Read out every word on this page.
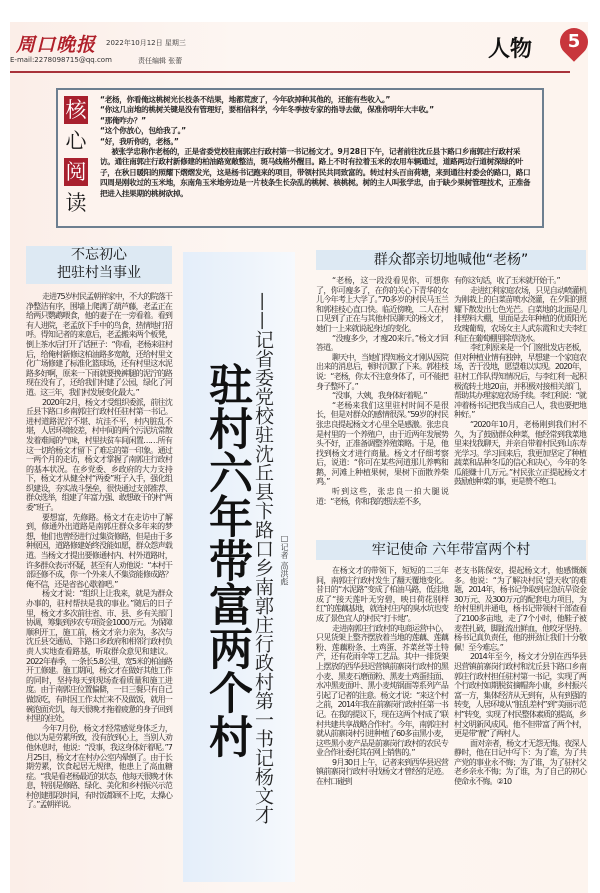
周口晚报 2022年10月12日 星期三
E-mail:2278098715@qq.com	责任编辑 张蕾	人物	5
核
心
阅
读

“老杨，你看俺这桃树光长枝条不结果，地都荒废了，今年砍掉种其他的，还能有些收入。”

“你这几亩地的桃树关键是没有管理好，要相信科学，今年冬季按专家的指导去做，保准你明年大丰收。”

“那俺咋办？”

“这个你放心，包给我了。”

“好，我听你的，老杨。”

被张学忠称作老杨的，正是省委党校驻南郭庄行政村第一书记杨文才。9月28日下午，记者前往沈丘县卞路口乡南郭庄行政村采访。通往南郭庄行政村新修建的柏油路宽敞整洁，斑马线格外醒目。路上不时有拉着玉米的农用车辆通过，道路两边行道树深绿的叶子，在秋日暖阳的照耀下熠熠发光，这是杨书记跑来的项目，带领村民共同致富的。转过村头百亩荷塘，来到通往村委会的路口，路口四周是刚收过的玉米地，东南角玉米地旁边是一片枝条生长杂乱的桃树、核桃树。树的主人叫张学忠，由于缺少果树管理技术，正准备把进入挂果期的桃树砍掉。

不忘初心
把驻村当事业

走进75岁村民孟朝祥家中，不大的院落干净整洁有序，围墙上爬满了葫芦藤，老孟正在给两只鹦鹉喂食，他的妻子在一旁看着。看到有人进院，老孟放下手中的鸟食，热情地打招呼。得知记者的来意后，老孟搬来两个板凳，倒上茶水后打开了话匣子：“你看，老杨来驻村后，给俺村新修这柏油路多宽敞，还给村里文化广场修建了标准化篮球场，还有村里这水泥路多好啊，原来一下雨就要挽裤腿的泥泞的路现在没有了，还给我们村建了公园，绿化了河道。这三年，我们村发展变化最大。”

2020年2月，杨文才受组织委派，前往沈丘县卞路口乡南郭庄行政村任驻村第一书记。进村道路泥泞不堪、坑洼不平，村内脏乱不堪，人居环境较差，村中间的两个污泥坑常散发着难闻的气味，村里扶贫车间闲置……所有这一切给杨文才留下了难忘的第一印象。通过一两个月的走访，杨文才掌握了南郭庄行政村的基本状况。在乡党委、乡政府的大力支持下，杨文才从健全村“两委”班子入手，强化组织建设，夯实战斗堡垒，很快通过支部推荐、群众选举，组建了年富力强、敢想敢干的村“两委”班子。

要想富，先修路。杨文才在走访中了解到，修通外出道路是南郭庄群众多年来的梦想，他们也曾经进行过集资修路，但是由于多种原因，道路修建始终没能如愿，群众怨声载道。当杨文才提出要修通村内、村外道路时，许多群众表示怀疑，甚至有人劝他说：“本村干部还修不成，你一个外来人不集资能修成路？俺不信，还是省省心歇着吧。”

杨文才说：“组织上让我来，就是为群众办事的，驻村帮扶是我的事业。”随后的日子里，杨文才多次前往省、市、县、乡有关部门协调，筹集到涉农专项资金1000万元。为保障顺利开工，施工前，杨文才亲力亲为，多次与沈丘县交通局、卞路口乡政府和相邻行政村负责人实地查看路基，听取群众意见和建议。2022年春季，一条长5.8公里、宽5米的柏油路开工修建。施工期间，杨文才在做好其他工作的同时，坚持每天到现场查看质量和施工进度。由于南郭庄位置偏僻，一日三餐只有自己做饭吃，有时因工作太忙来不及做饭，就用一碗泡面充饥，每天很晚才拖着疲惫的身子回到村里的住处。

今年7月份，杨文才经常感觉身体乏力，他以为是劳累所致，没有放到心上，当别人劝他休息时，他说：“没事，我这身体好着呢。”7月25日，杨文才在村办公室内晕倒了。由于长期劳累，饮食起居无规律，他患上了高血糖症。“我是看老杨最近的状态，他每天很晚才休息，特别是修路、绿化、美化和乡村振兴示范村创建那段时间，有时饭都顾不上吃，太操心了。”孟朝祥说。

驻村六年带富两个村 ——记省委党校驻沈丘县卞路口乡南郭庄行政村第一书记杨文才 □记者 高洪彪
群众都亲切地喊他“老杨”

“老杨，这一段没看见你，可想你了，你可瘦多了，在你的关心下青华的女儿今年考上大学了。”70多岁的村民马玉兰和郭桂枝心直口快。临近傍晚，二人在村口见到了正在与其他村民聊天的杨文才，她们一上来就说起身边的变化。

“没瘦多少，才瘦20来斤。”杨文才回答道。

聊天中，当她们得知杨文才刚从医院出来的消息后，顿时沉默了下来。郭桂枝说：“老杨，你太不注意身体了，可不能把身子整坏了。”

“没事，大姨，我身体好着呢。”

“老杨来我们这里驻村时间不是很长，但是对群众的感情很深。”59岁的村民张忠良提起杨文才心里全是感激。张忠良是村里的一个养殖户，由于近两年发展势头不好，正准备调整养殖策略。于是，他找到杨文才进行商量。杨文才仔细考察后，说道：“你可在某些河道那儿养鸭和鹅，河滩上种植果树，果树下面散养柴鸡。”

听到这些，张忠良一拍大腿说道：“老杨，你和我的想法差不多，

有你这句话，收了玉米就开始干。”

走进红利家庭农场，只见自动喷灌机为刚栽上的白菜苗喷水浇灌，在夕阳的照耀下散发出七色光芒。白菜地的北面是几排塑料大棚，里面是去年种植的优质阳光玫瑰葡萄，农场女主人武东霞和丈夫李红利正在葡萄棚里除草浇水。

李红利原来是一个门窗批发店老板，但对种植业情有独钟，早想建一个家庭农场，苦于没地，愿望难以实现。2020年，驻村工作队得知情况后，与李红利一起积极流转土地20亩，并积极对接相关部门，帮助其办理家庭农场手续。李红利说：“就冲着杨书记把我当成自己人，我也要把地种好。”

“2020年10月，老杨刚到我们村不久，为了鼓励群众种菜，他经常到我菜地里来找我聊天，并亲自带着村民到山东寿光学习。学习回来后，我更加坚定了种植蔬菜和品种冬瓜的信心和决心，今年的冬瓜能赚十几万元。”村民张立正提起杨文才鼓励他种菜的事，更是赞不绝口。

牢记使命 六年带富两个村

在杨文才的带领下，短短的二三年间，南郭庄行政村发生了翻天覆地变化。昔日的“水泥路”变成了柏油马路，低洼地成了“接天莲叶无穷碧，映日荷花别样红”的莲藕基地，就连村庄内的臭水坑也变成了景色宜人的村民“打卡地”。

走进南郭庄行政村的电商运营中心，只见货架上整齐摆放着当地的莲藕、莲藕粉、莲藕粉条、土鸡蛋、芥菜丝等土特产，还有花雨伞等工艺品。其中一排货架上摆放的西华县迟营镇前寨岗行政村的黑小麦、黑麦石磨面粉、黑麦土鸡蛋挂面、水冲黑麦面叶、黑小麦炖锅面等系列产品引起了记者的注意。杨文才说：“来这个村之前，2014年我在前寨岗行政村任第一书记。在我的提议下，现在这两个村成了‘联村共建共享战略合作村’。今年，南郭庄村就从前寨岗村引进种植了60多亩黑小麦，这些黑小麦产品是前寨岗行政村的农民专业合作社委托其在网上销售的。”

9月30日上午，记者来到西华县迟营镇前寨岗行政村寻找杨文才曾经的足迹。在村口碰到

老支书陈保安，提起杨文才，他感慨颇多。他说：“为了解决村民‘望天收’的难题，2014年，杨书记争取到应急抗旱资金30万元、及300万元的配套电力项目，为给村里机井通电，杨书记带领村干部查看了2100多亩地，走了7个小时，他鞋子被麦茬扎破，脚趾流出鲜血，他咬牙坚持。杨书记真负责任，他的拼劲让我们十分敬佩！至今难忘。”

2014年至今，杨文才分别在西华县迟营镇前寨岗行政村和沈丘县卞路口乡南郭庄行政村担任驻村第一书记，实现了两个行政村如期脱贫摘帽奔小康，乡村振兴富一方，集体经济从无到有，从有到强的转变，人居环境从“脏乱差村”到“美丽示范村”转变，实现了村民整体素质的提高，乡村文明新风成风。他不但带富了两个村，更是带“靓”了两村人。

面对亲者，杨文才无怨无悔。夜深人静时，他在日记中写下：为了谁，为了共产党的事业永不悔；为了谁，为了驻村父老乡亲永不悔；为了谁，为了自己的初心使命永不悔。②10
